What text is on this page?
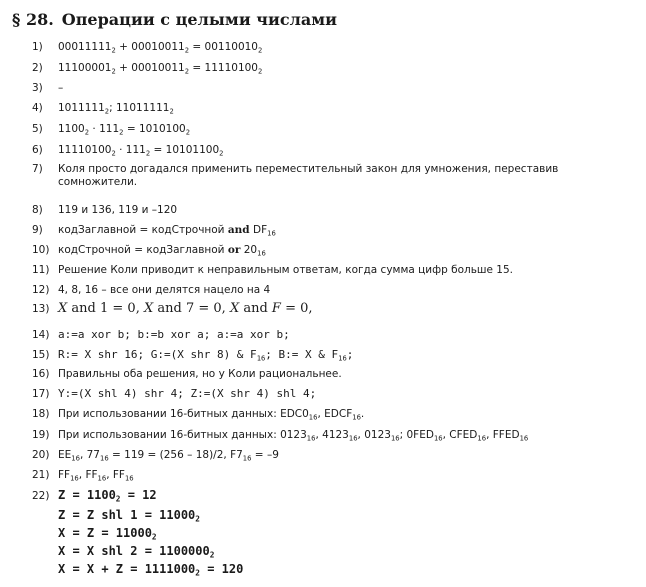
§ 28. Операции с целыми числами
1) $00011111_2 + 00010011_2 = 00110010_2$
2) $11100001_2 + 00010011_2 = 11110100_2$
3) –
4) $1011111_2$; $11011111_2$
5) $1100_2 \cdot 111_2 = 1010100_2$
6) $11110100_2 \cdot 111_2 = 10101100_2$
7) Коля просто догадался применить переместительный закон для умножения, переставив сомножители.
8) 119 и 136, 119 и –120
9) кодЗаглавной = кодСтрочной and $DF_{16}$
10) кодСтрочной = кодЗаглавной or $20_{16}$
11) Решение Коли приводит к неправильным ответам, когда сумма цифр больше 15.
12) 4, 8, 16 – все они делятся нацело на 4
13) X and 1 = 0, X and 7 = 0, X and F = 0,
14) a:=a xor b; b:=b xor a; a:=a xor b;
15) R:= X shr 16; G:=(X shr 8) & $F_{16}$; B:= X & $F_{16}$;
16) Правильны оба решения, но у Коли рациональнее.
17) Y:=(X shl 4) shr 4; Z:=(X shr 4) shl 4;
18) При использовании 16-битных данных: $EDC0_{16}$, $EDCF_{16}$.
19) При использовании 16-битных данных: $0123_{16}$, $4123_{16}$, $0123_{16}$; $0FED_{16}$, $CFED_{16}$, $FFED_{16}$
20) $EE_{16}$, $77_{16} = 119 = (256 - 18)/2$, $F7_{16} = -9$
21) $FF_{16}$, $FF_{16}$, $FF_{16}$
22) $Z = 1100_2 = 12$
Z = Z shl $1 = 11000_2$
$X = Z = 11000_2$
X = X shl $2 = 1100000_2$
$X = X + Z = 1111000_2 = 120$
